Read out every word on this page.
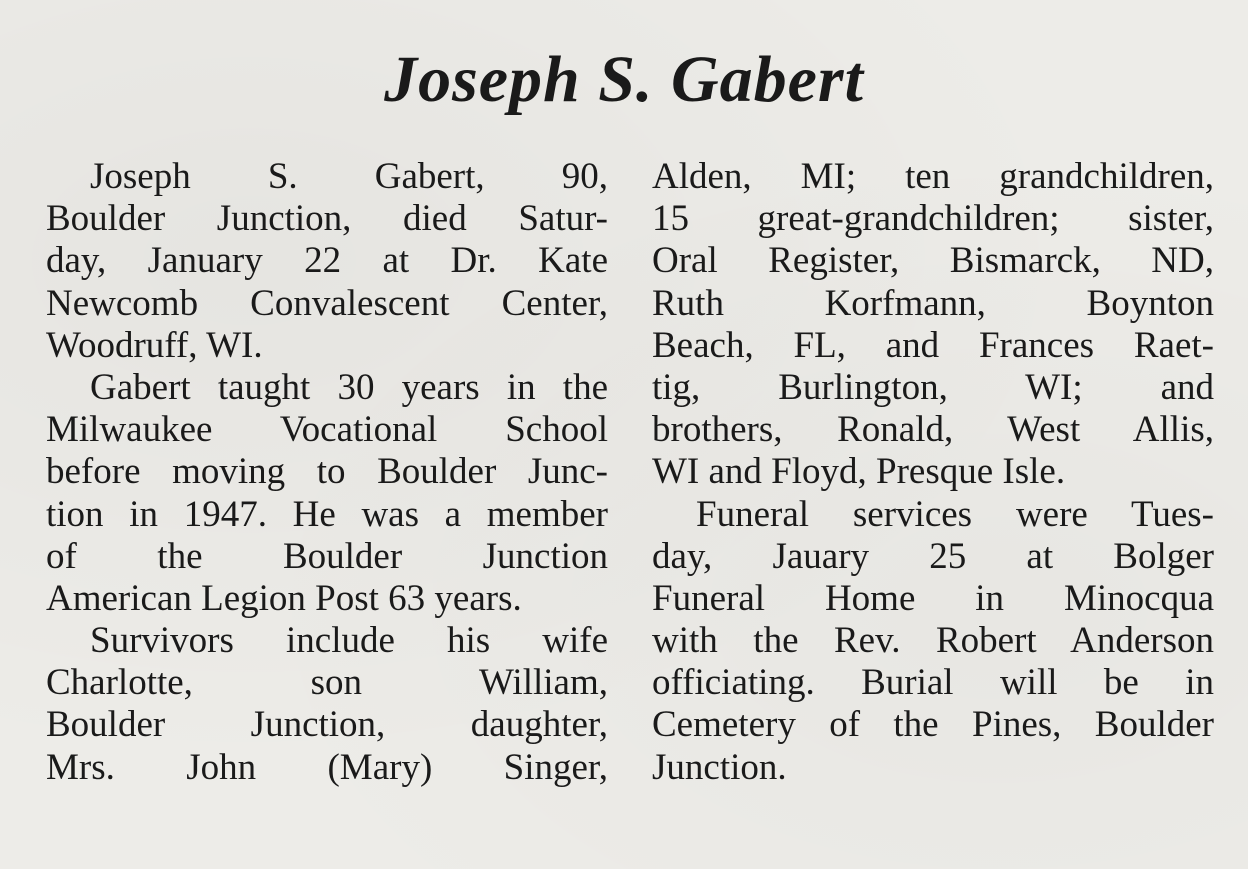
Joseph S. Gabert
Joseph S. Gabert, 90,
Boulder Junction, died Satur-
day, January 22 at Dr. Kate
Newcomb Convalescent Center,
Woodruff, WI.
Gabert taught 30 years in the
Milwaukee Vocational School
before moving to Boulder Junc-
tion in 1947. He was a member
of the Boulder Junction
American Legion Post 63 years.
Survivors include his wife
Charlotte, son William,
Boulder Junction, daughter,
Mrs. John (Mary) Singer,
Alden, MI; ten grandchildren,
15 great-grandchildren; sister,
Oral Register, Bismarck, ND,
Ruth Korfmann, Boynton
Beach, FL, and Frances Raet-
tig, Burlington, WI; and
brothers, Ronald, West Allis,
WI and Floyd, Presque Isle.
Funeral services were Tues-
day, Jauary 25 at Bolger
Funeral Home in Minocqua
with the Rev. Robert Anderson
officiating. Burial will be in
Cemetery of the Pines, Boulder
Junction.
